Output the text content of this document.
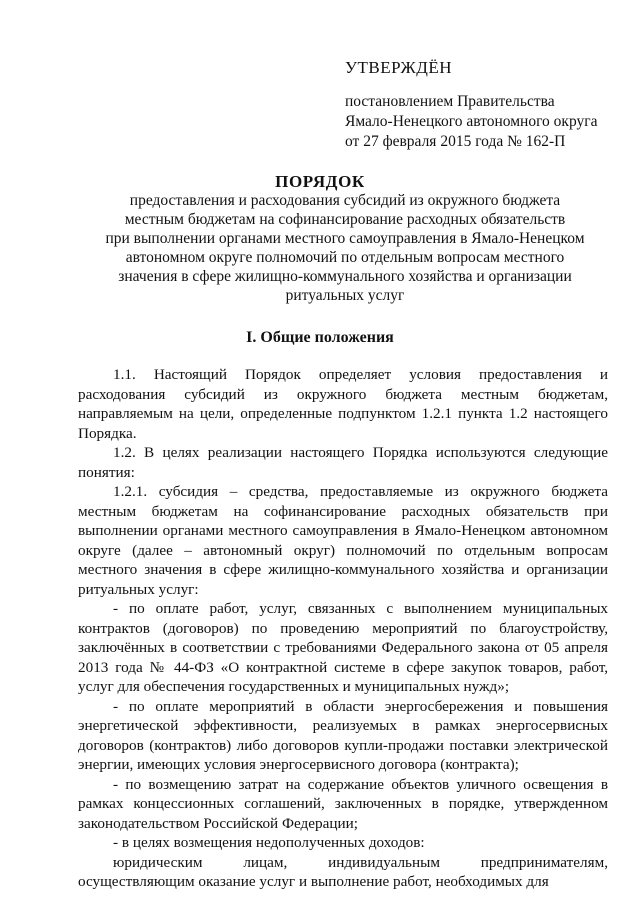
УТВЕРЖДЁН
постановлением Правительства
Ямало-Ненецкого автономного округа
от 27 февраля 2015 года № 162-П
ПОРЯДОК
предоставления и расходования субсидий из окружного бюджета
местным бюджетам на софинансирование расходных обязательств
при выполнении органами местного самоуправления в Ямало-Ненецком
автономном округе полномочий по отдельным вопросам местного
значения в сфере жилищно-коммунального хозяйства и организации
ритуальных услуг
I. Общие положения

1.1. Настоящий Порядок определяет условия предоставления и расходования субсидий из окружного бюджета местным бюджетам, направляемым на цели, определенные подпунктом 1.2.1 пункта 1.2 настоящего Порядка.

1.2. В целях реализации настоящего Порядка используются следующие понятия:

1.2.1. субсидия – средства, предоставляемые из окружного бюджета местным бюджетам на софинансирование расходных обязательств при выполнении органами местного самоуправления в Ямало-Ненецком автономном округе (далее – автономный округ) полномочий по отдельным вопросам местного значения в сфере жилищно-коммунального хозяйства и организации ритуальных услуг:

- по оплате работ, услуг, связанных с выполнением муниципальных контрактов (договоров) по проведению мероприятий по благоустройству, заключённых в соответствии с требованиями Федерального закона от 05 апреля 2013 года № 44-ФЗ «О контрактной системе в сфере закупок товаров, работ, услуг для обеспечения государственных и муниципальных нужд»;

- по оплате мероприятий в области энергосбережения и повышения энергетической эффективности, реализуемых в рамках энергосервисных договоров (контрактов) либо договоров купли-продажи поставки электрической энергии, имеющих условия энергосервисного договора (контракта);

- по возмещению затрат на содержание объектов уличного освещения в рамках концессионных соглашений, заключенных в порядке, утвержденном законодательством Российской Федерации;

- в целях возмещения недополученных доходов:

юридическим лицам, индивидуальным предпринимателям, осуществляющим оказание услуг и выполнение работ, необходимых для
